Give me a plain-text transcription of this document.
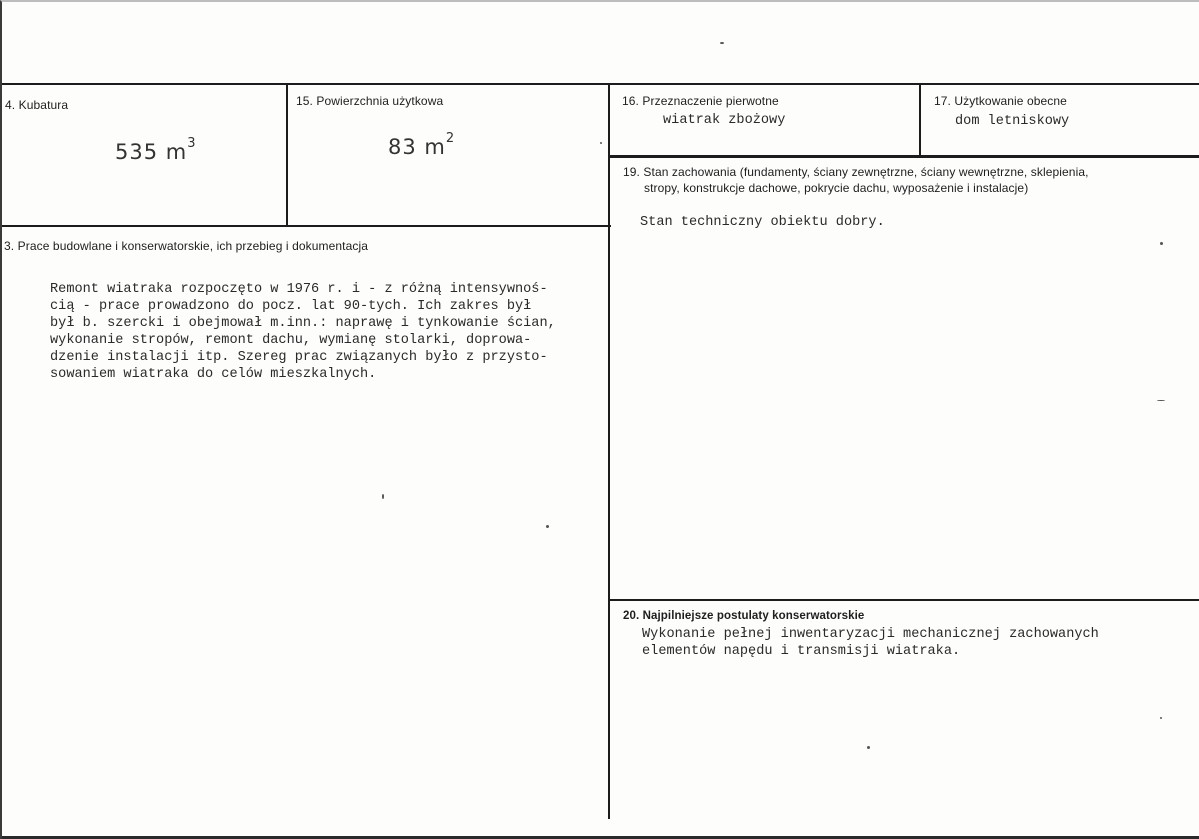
4. Kubatura
535 $m^3$
15. Powierzchnia użytkowa
83 $m^2$
16. Przeznaczenie pierwotne
wiatrak zbożowy
17. Użytkowanie obecne
dom letniskowy
3. Prace budowlane i konserwatorskie, ich przebieg i dokumentacja
Remont wiatraka rozpoczęto w 1976 r. i - z różną intensywnoś-
cią - prace prowadzono do pocz. lat 90-tych. Ich zakres był
był b. szercki i obejmował m.inn.: naprawę i tynkowanie ścian,
wykonanie stropów, remont dachu, wymianę stolarki, doprowa-
dzenie instalacji itp. Szereg prac związanych było z przysto-
sowaniem wiatraka do celów mieszkalnych.
19. Stan zachowania (fundamenty, ściany zewnętrzne, ściany wewnętrzne, sklepienia,
stropy, konstrukcje dachowe, pokrycie dachu, wyposażenie i instalacje)
Stan techniczny obiektu dobry.
20. Najpilniejsze postulaty konserwatorskie
Wykonanie pełnej inwentaryzacji mechanicznej zachowanych
elementów napędu i transmisji wiatraka.
